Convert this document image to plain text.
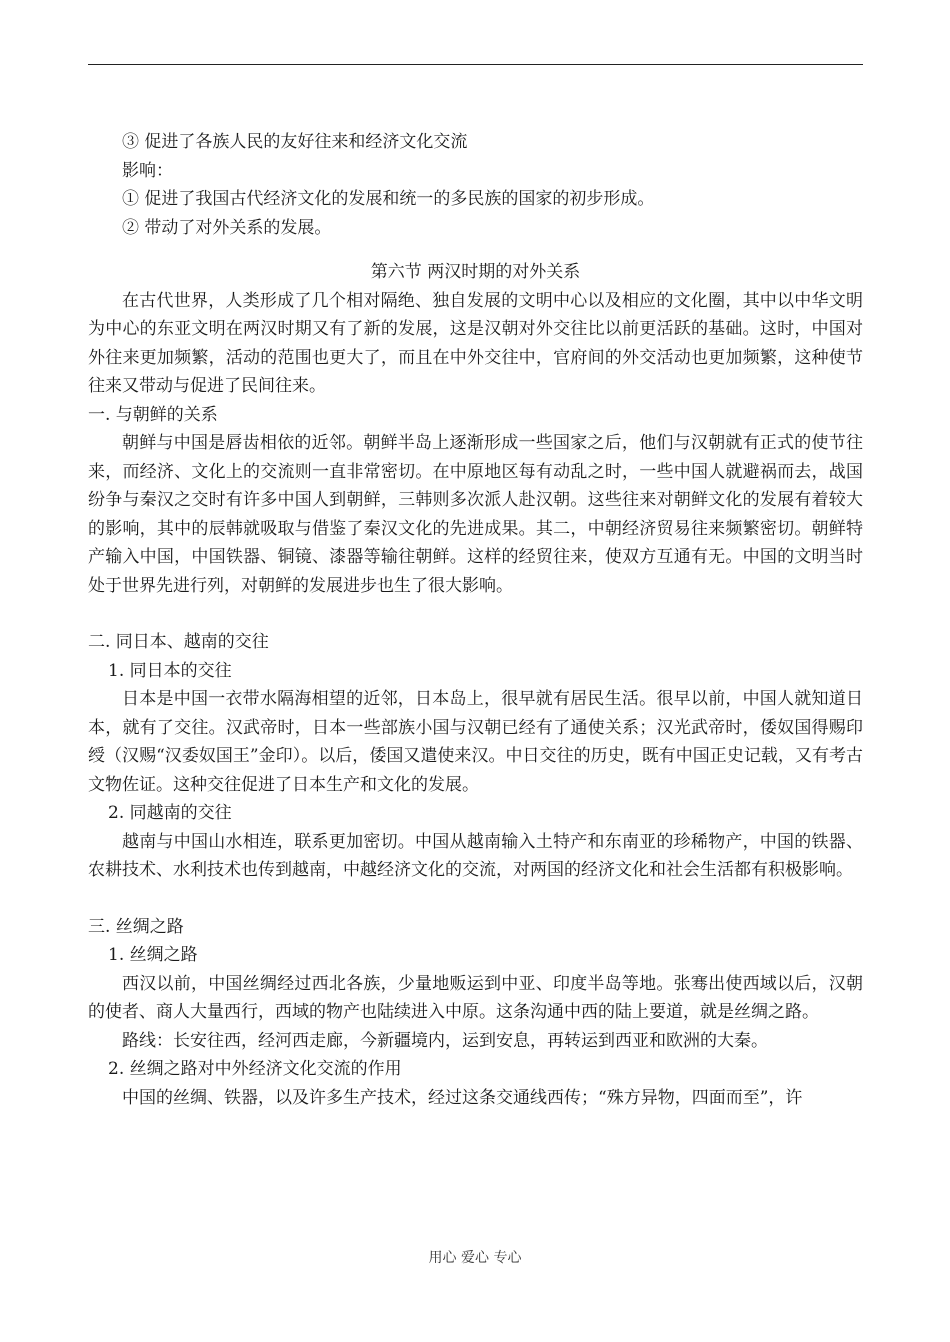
③ 促进了各族人民的友好往来和经济文化交流
影响：
① 促进了我国古代经济文化的发展和统一的多民族的国家的初步形成。
② 带动了对外关系的发展。
第六节 两汉时期的对外关系
在古代世界，人类形成了几个相对隔绝、独自发展的文明中心以及相应的文化圈，其中以中华文明为中心的东亚文明在两汉时期又有了新的发展，这是汉朝对外交往比以前更活跃的基础。这时，中国对外往来更加频繁，活动的范围也更大了，而且在中外交往中，官府间的外交活动也更加频繁，这种使节往来又带动与促进了民间往来。
一. 与朝鲜的关系
朝鲜与中国是唇齿相依的近邻。朝鲜半岛上逐渐形成一些国家之后，他们与汉朝就有正式的使节往来，而经济、文化上的交流则一直非常密切。在中原地区每有动乱之时，一些中国人就避祸而去，战国纷争与秦汉之交时有许多中国人到朝鲜，三韩则多次派人赴汉朝。这些往来对朝鲜文化的发展有着较大的影响，其中的辰韩就吸取与借鉴了秦汉文化的先进成果。其二，中朝经济贸易往来频繁密切。朝鲜特产输入中国，中国铁器、铜镜、漆器等输往朝鲜。这样的经贸往来，使双方互通有无。中国的文明当时处于世界先进行列，对朝鲜的发展进步也生了很大影响。
二. 同日本、越南的交往
1. 同日本的交往
日本是中国一衣带水隔海相望的近邻，日本岛上，很早就有居民生活。很早以前，中国人就知道日本，就有了交往。汉武帝时，日本一些部族小国与汉朝已经有了通使关系；汉光武帝时，倭奴国得赐印绶（汉赐“汉委奴国王”金印）。以后，倭国又遣使来汉。中日交往的历史，既有中国正史记载，又有考古文物佐证。这种交往促进了日本生产和文化的发展。
2. 同越南的交往
越南与中国山水相连，联系更加密切。中国从越南输入土特产和东南亚的珍稀物产，中国的铁器、农耕技术、水利技术也传到越南，中越经济文化的交流，对两国的经济文化和社会生活都有积极影响。
三. 丝绸之路
1. 丝绸之路
西汉以前，中国丝绸经过西北各族，少量地贩运到中亚、印度半岛等地。张骞出使西域以后，汉朝的使者、商人大量西行，西域的物产也陆续进入中原。这条沟通中西的陆上要道，就是丝绸之路。
路线：长安往西，经河西走廊，今新疆境内，运到安息，再转运到西亚和欧洲的大秦。
2. 丝绸之路对中外经济文化交流的作用
中国的丝绸、铁器，以及许多生产技术，经过这条交通线西传；“殊方异物，四面而至”，许
用心 爱心 专心
